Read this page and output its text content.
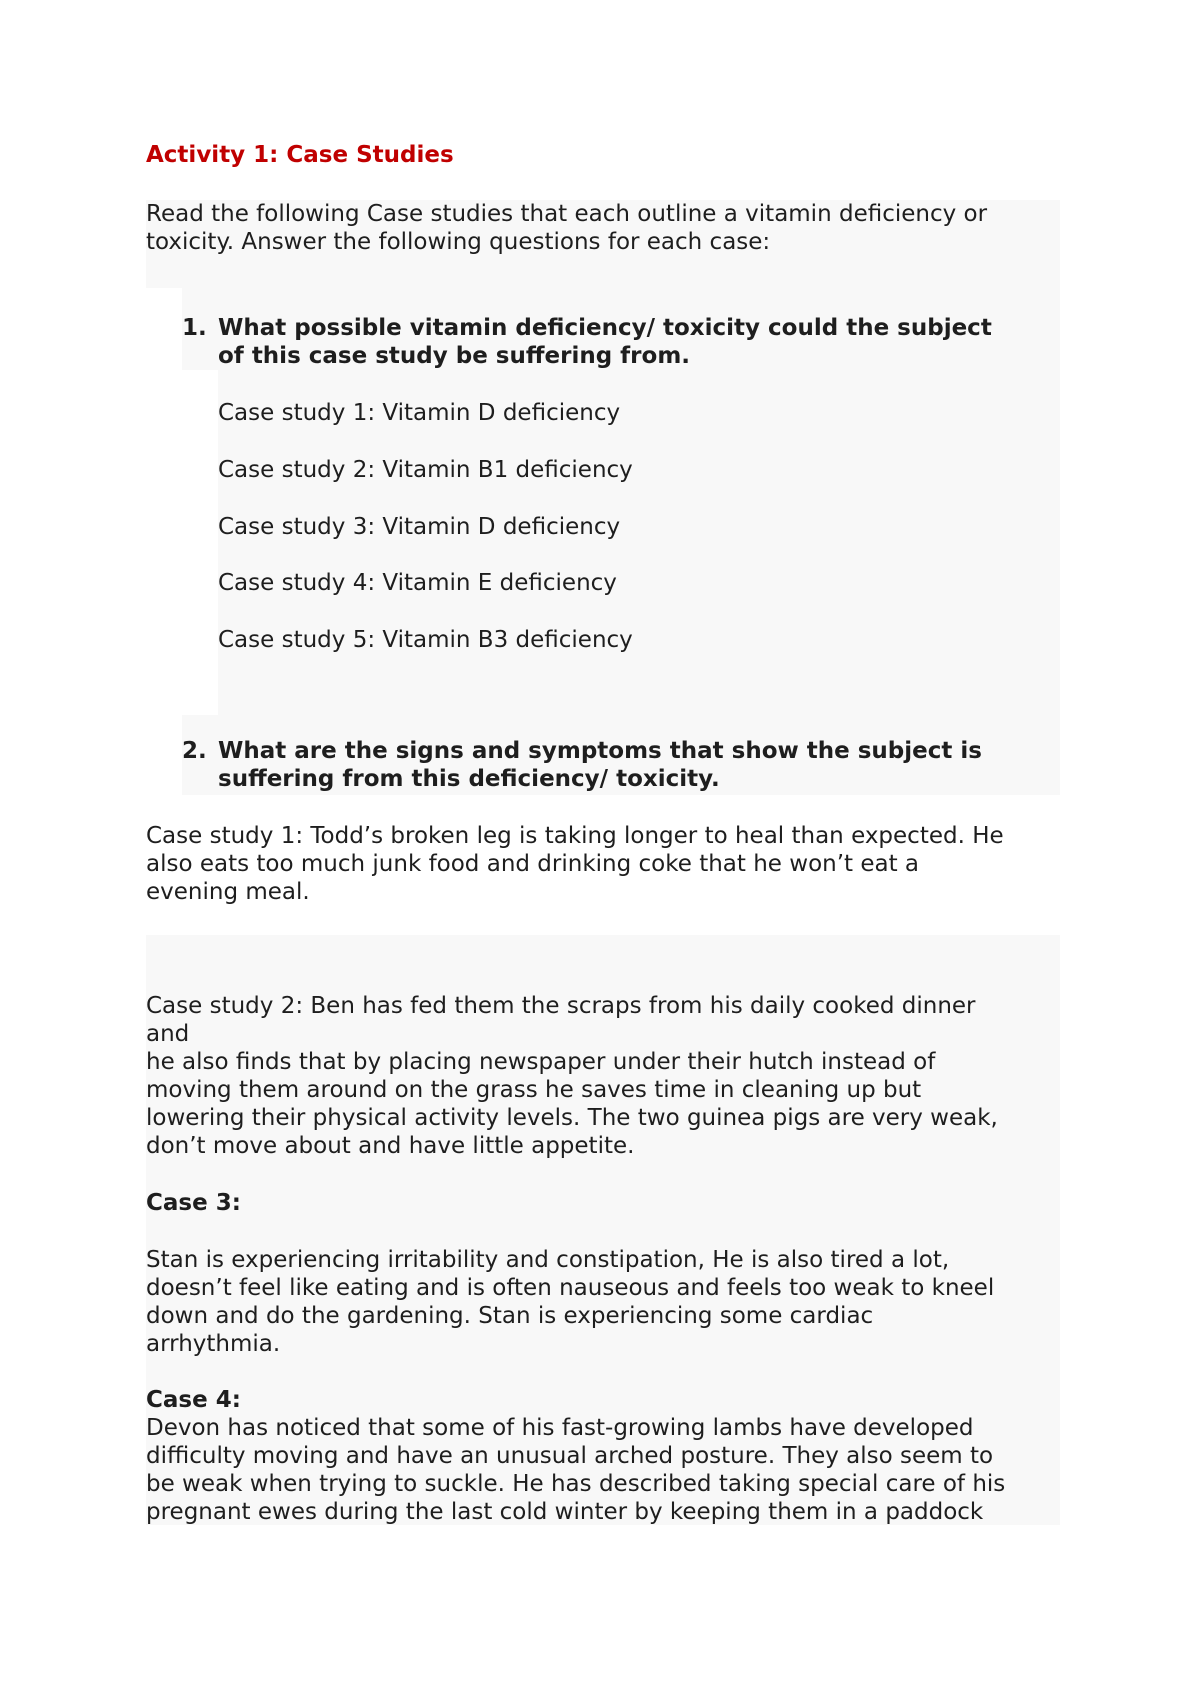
Activity 1: Case Studies

Read the following Case studies that each outline a vitamin deficiency or

toxicity. Answer the following questions for each case:

1. What possible vitamin deficiency/ toxicity could the subject

of this case study be suffering from.

Case study 1: Vitamin D deficiency

Case study 2: Vitamin B1 deficiency

Case study 3: Vitamin D deficiency

Case study 4: Vitamin E deficiency

Case study 5: Vitamin B3 deficiency

2. What are the signs and symptoms that show the subject is

suffering from this deficiency/ toxicity.

Case study 1: Todd’s broken leg is taking longer to heal than expected. He

also eats too much junk food and drinking coke that he won’t eat a

evening meal.

Case study 2: Ben has fed them the scraps from his daily cooked dinner

and

he also finds that by placing newspaper under their hutch instead of

moving them around on the grass he saves time in cleaning up but

lowering their physical activity levels. The two guinea pigs are very weak,

don’t move about and have little appetite.

Case 3:

Stan is experiencing irritability and constipation, He is also tired a lot,

doesn’t feel like eating and is often nauseous and feels too weak to kneel

down and do the gardening. Stan is experiencing some cardiac

arrhythmia.

Case 4:

Devon has noticed that some of his fast-growing lambs have developed

difficulty moving and have an unusual arched posture. They also seem to

be weak when trying to suckle. He has described taking special care of his

pregnant ewes during the last cold winter by keeping them in a paddock
